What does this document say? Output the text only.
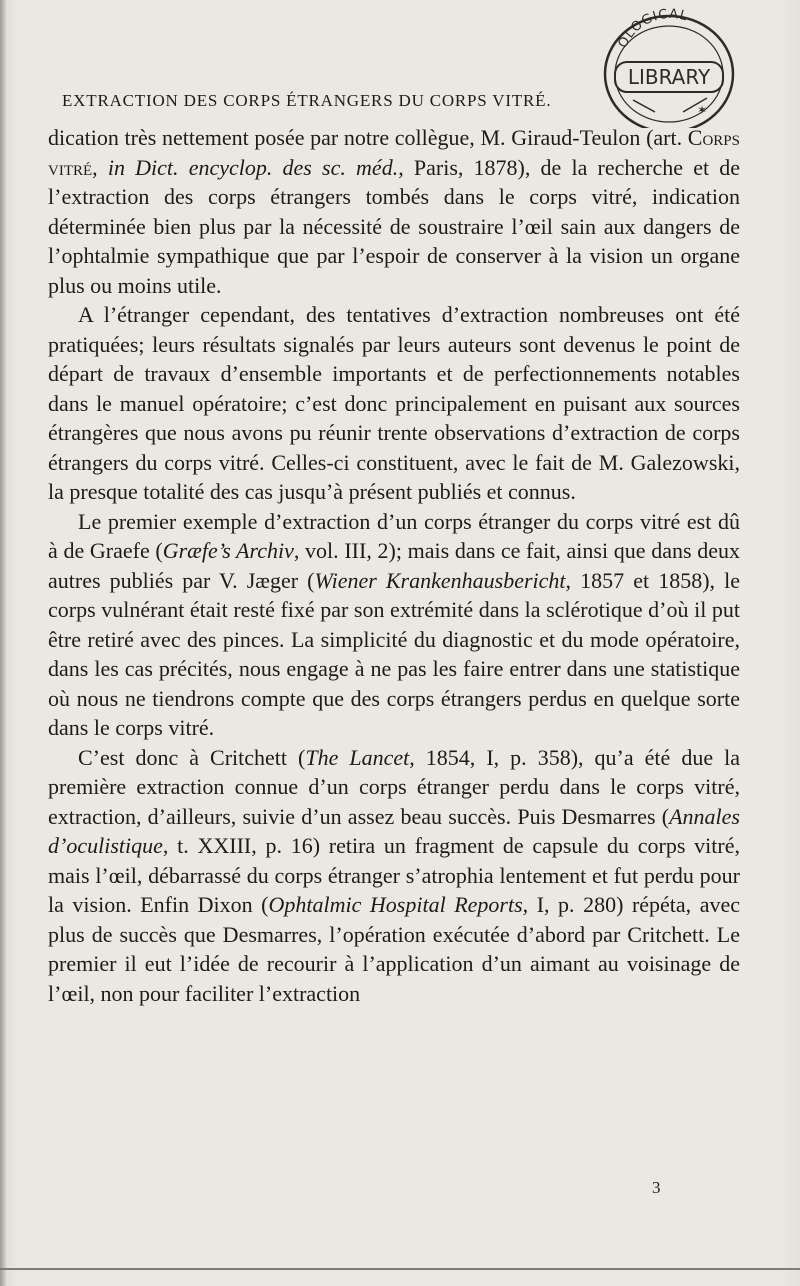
EXTRACTION DES CORPS ÉTRANGERS DU CORPS VITRÉ.
OLOGICAL
LIBRARY
✶

dication très nettement posée par notre collègue, M. Giraud-Teulon (art. Corps vitré, in Dict. encyclop. des sc. méd., Paris, 1878), de la recherche et de l’extraction des corps étrangers tombés dans le corps vitré, indication déterminée bien plus par la nécessité de soustraire l’œil sain aux dangers de l’ophtalmie sympathique que par l’espoir de conserver à la vision un organe plus ou moins utile.

A l’étranger cependant, des tentatives d’extraction nombreuses ont été pratiquées; leurs résultats signalés par leurs auteurs sont devenus le point de départ de travaux d’ensemble importants et de perfectionnements notables dans le manuel opératoire; c’est donc principalement en puisant aux sources étrangères que nous avons pu réunir trente observations d’extraction de corps étrangers du corps vitré. Celles-ci constituent, avec le fait de M. Galezowski, la presque totalité des cas jusqu’à présent publiés et connus.

Le premier exemple d’extraction d’un corps étranger du corps vitré est dû à de Graefe (Græfe’s Archiv, vol. III, 2); mais dans ce fait, ainsi que dans deux autres publiés par V. Jæger (Wiener Krankenhausbericht, 1857 et 1858), le corps vulnérant était resté fixé par son extrémité dans la sclérotique d’où il put être retiré avec des pinces. La simplicité du diagnostic et du mode opératoire, dans les cas précités, nous engage à ne pas les faire entrer dans une statistique où nous ne tiendrons compte que des corps étrangers perdus en quelque sorte dans le corps vitré.

C’est donc à Critchett (The Lancet, 1854, I, p. 358), qu’a été due la première extraction connue d’un corps étranger perdu dans le corps vitré, extraction, d’ailleurs, suivie d’un assez beau succès. Puis Desmarres (Annales d’oculistique, t. XXIII, p. 16) retira un fragment de capsule du corps vitré, mais l’œil, débarrassé du corps étranger s’atrophia lentement et fut perdu pour la vision. Enfin Dixon (Ophtalmic Hospital Reports, I, p. 280) répéta, avec plus de succès que Desmarres, l’opération exécutée d’abord par Critchett. Le premier il eut l’idée de recourir à l’application d’un aimant au voisinage de l’œil, non pour faciliter l’extraction

3
